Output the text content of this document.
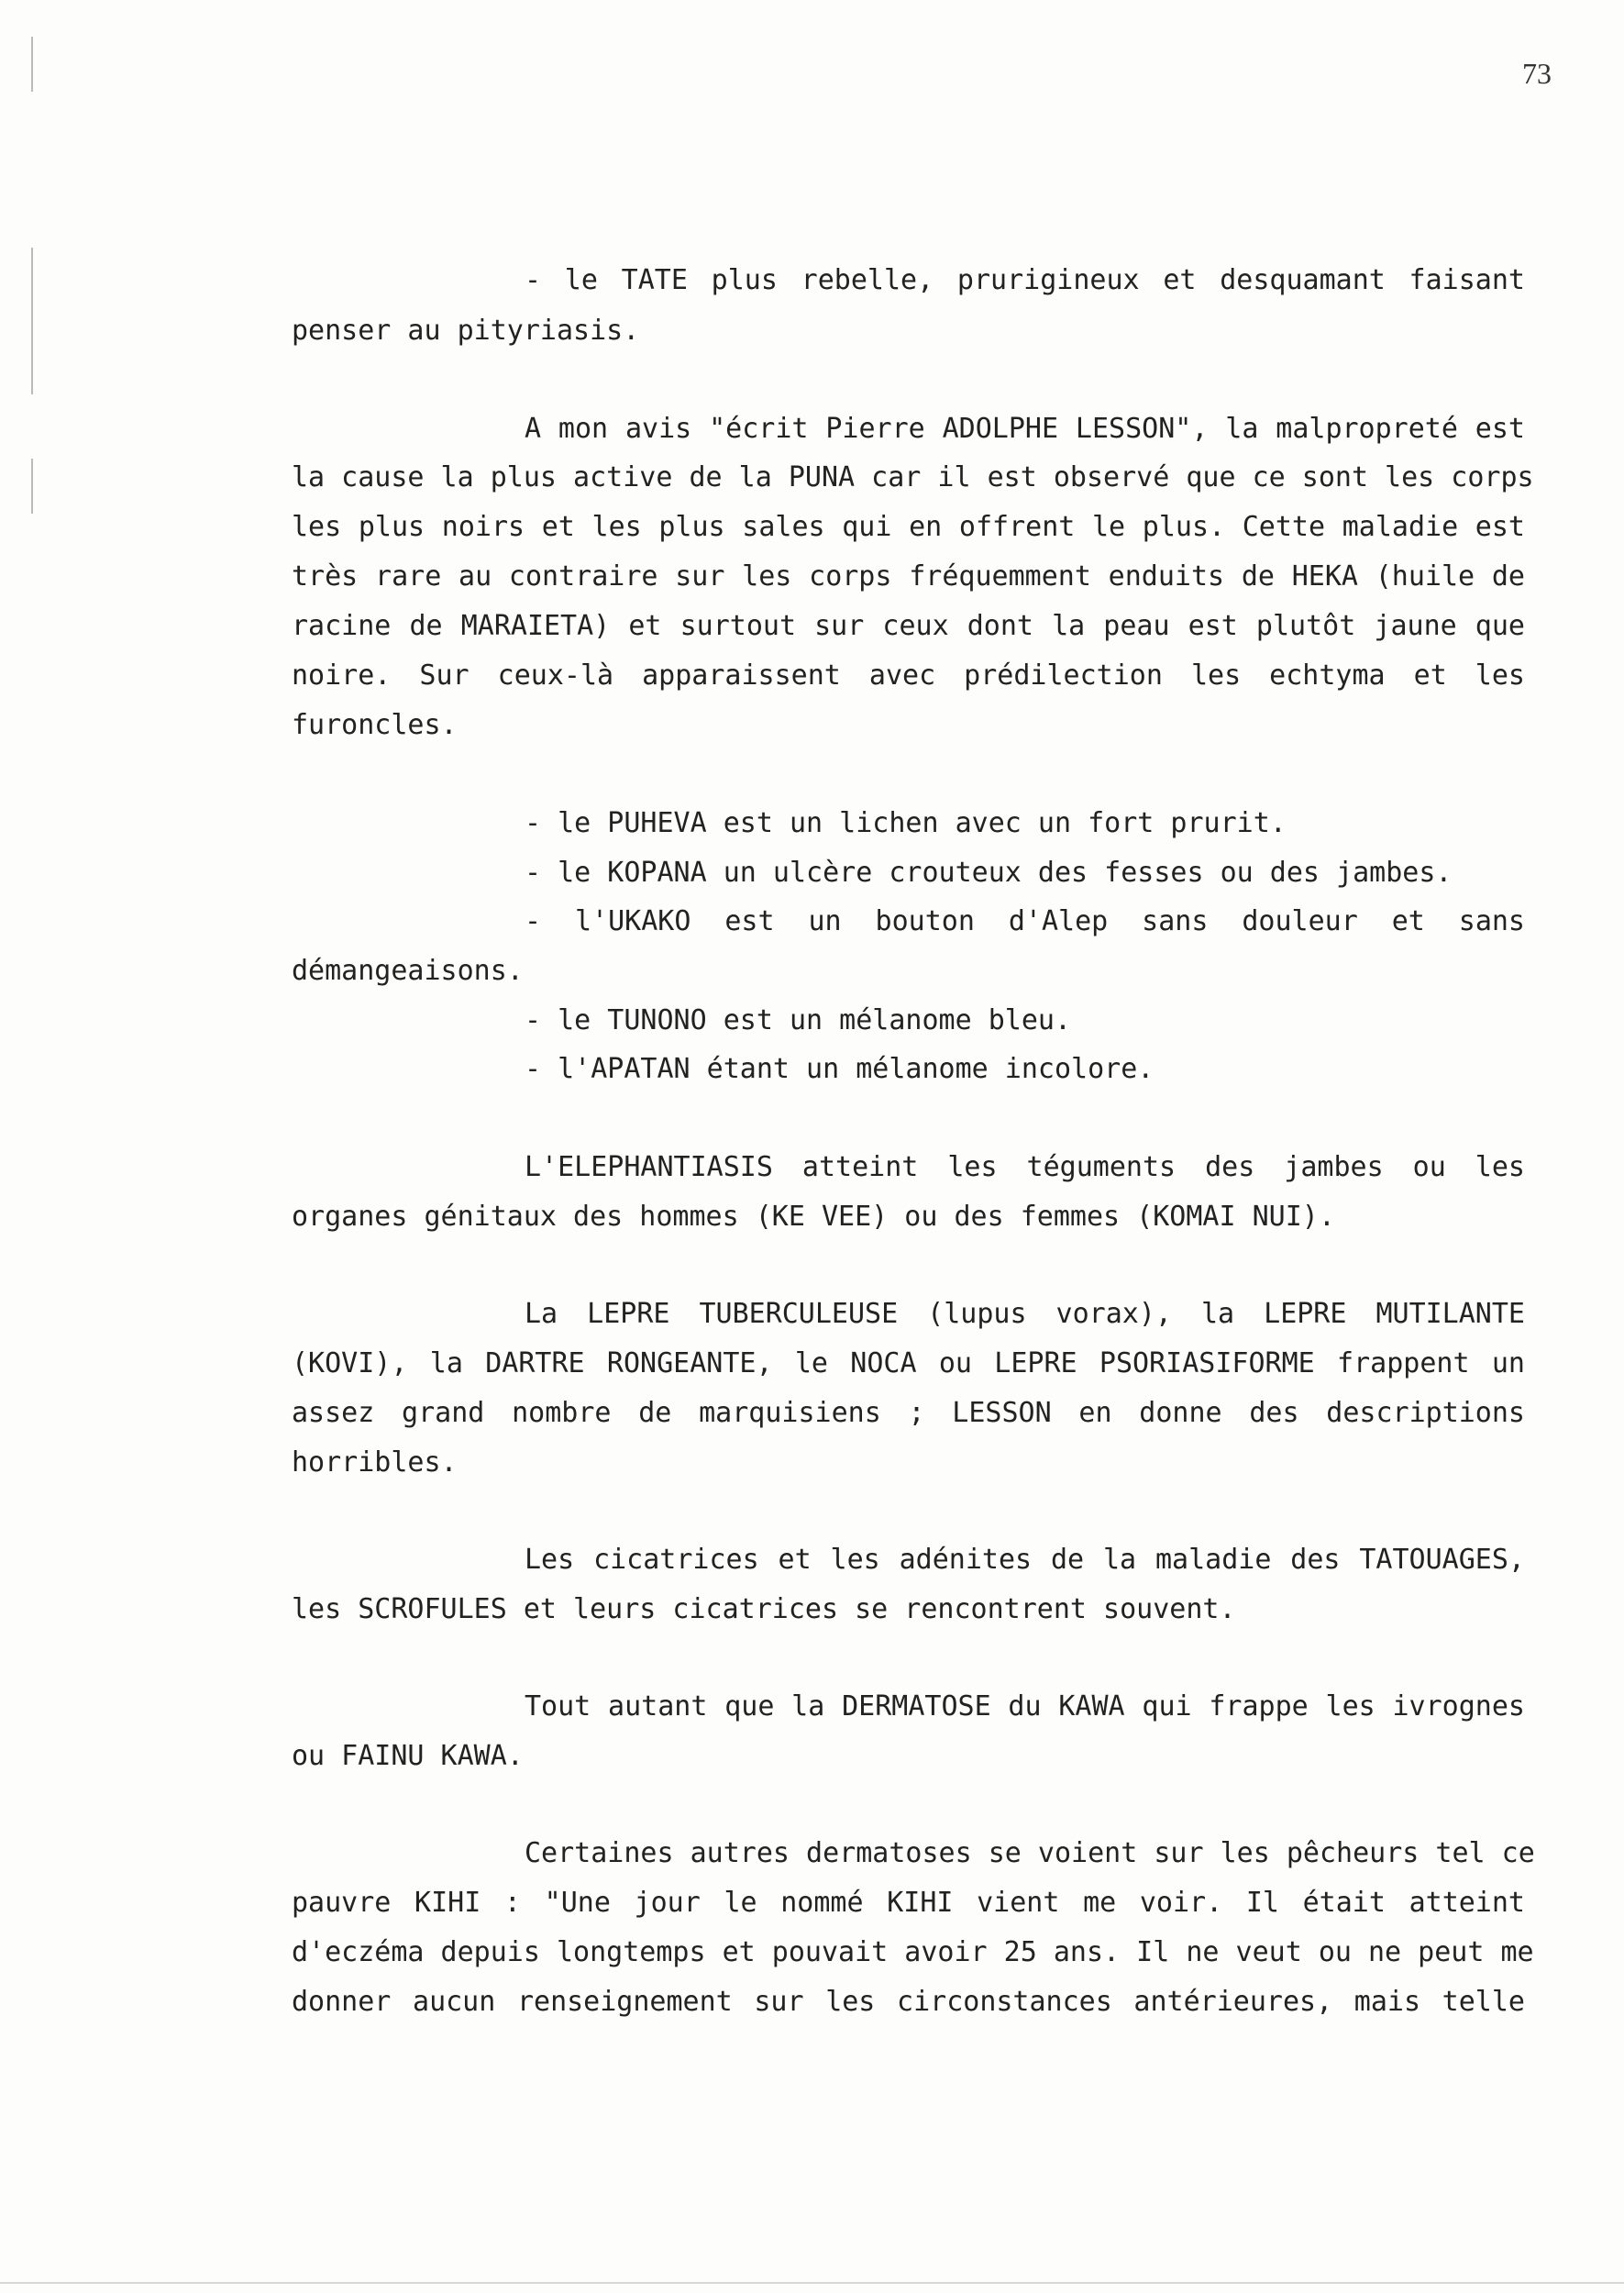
73
- le TATE plus rebelle, prurigineux et desquamant faisant
penser au pityriasis.
A mon avis "écrit Pierre ADOLPHE LESSON", la malpropreté est
la cause la plus active de la PUNA car il est observé que ce sont les corps
les plus noirs et les plus sales qui en offrent le plus. Cette maladie est
très rare au contraire sur les corps fréquemment enduits de HEKA (huile de
racine de MARAIETA) et surtout sur ceux dont la peau est plutôt jaune que
noire. Sur ceux-là apparaissent avec prédilection les echtyma et les
furoncles.
- le PUHEVA est un lichen avec un fort prurit.
- le KOPANA un ulcère crouteux des fesses ou des jambes.
- l'UKAKO est un bouton d'Alep sans douleur et sans
démangeaisons.
- le TUNONO est un mélanome bleu.
- l'APATAN étant un mélanome incolore.
L'ELEPHANTIASIS atteint les téguments des jambes ou les
organes génitaux des hommes (KE VEE) ou des femmes (KOMAI NUI).
La LEPRE TUBERCULEUSE (lupus vorax), la LEPRE MUTILANTE
(KOVI), la DARTRE RONGEANTE, le NOCA ou LEPRE PSORIASIFORME frappent un
assez grand nombre de marquisiens ; LESSON en donne des descriptions
horribles.
Les cicatrices et les adénites de la maladie des TATOUAGES,
les SCROFULES et leurs cicatrices se rencontrent souvent.
Tout autant que la DERMATOSE du KAWA qui frappe les ivrognes
ou FAINU KAWA.
Certaines autres dermatoses se voient sur les pêcheurs tel ce
pauvre KIHI : "Une jour le nommé KIHI vient me voir. Il était atteint
d'eczéma depuis longtemps et pouvait avoir 25 ans. Il ne veut ou ne peut me
donner aucun renseignement sur les circonstances antérieures, mais telle
